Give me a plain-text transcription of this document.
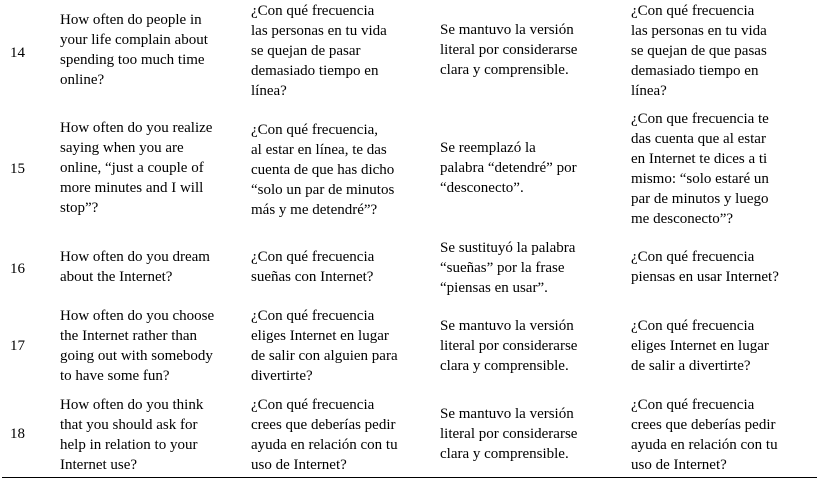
14
How often do people in
your life complain about
spending too much time
online?
¿Con qué frecuencia
las personas en tu vida
se quejan de pasar
demasiado tiempo en
línea?
Se mantuvo la versión
literal por considerarse
clara y comprensible.
¿Con qué frecuencia
las personas en tu vida
se quejan de que pasas
demasiado tiempo en
línea?
15
How often do you realize
saying when you are
online, “just a couple of
more minutes and I will
stop”?
¿Con qué frecuencia,
al estar en línea, te das
cuenta de que has dicho
“solo un par de minutos
más y me detendré”?
Se reemplazó la
palabra “detendré” por
“desconecto”.
¿Con que frecuencia te
das cuenta que al estar
en Internet te dices a ti
mismo: “solo estaré un
par de minutos y luego
me desconecto”?
16
How often do you dream
about the Internet?
¿Con qué frecuencia
sueñas con Internet?
Se sustituyó la palabra
“sueñas” por la frase
“piensas en usar”.
¿Con qué frecuencia
piensas en usar Internet?
17
How often do you choose
the Internet rather than
going out with somebody
to have some fun?
¿Con qué frecuencia
eliges Internet en lugar
de salir con alguien para
divertirte?
Se mantuvo la versión
literal por considerarse
clara y comprensible.
¿Con qué frecuencia
eliges Internet en lugar
de salir a divertirte?
18
How often do you think
that you should ask for
help in relation to your
Internet use?
¿Con qué frecuencia
crees que deberías pedir
ayuda en relación con tu
uso de Internet?
Se mantuvo la versión
literal por considerarse
clara y comprensible.
¿Con qué frecuencia
crees que deberías pedir
ayuda en relación con tu
uso de Internet?
